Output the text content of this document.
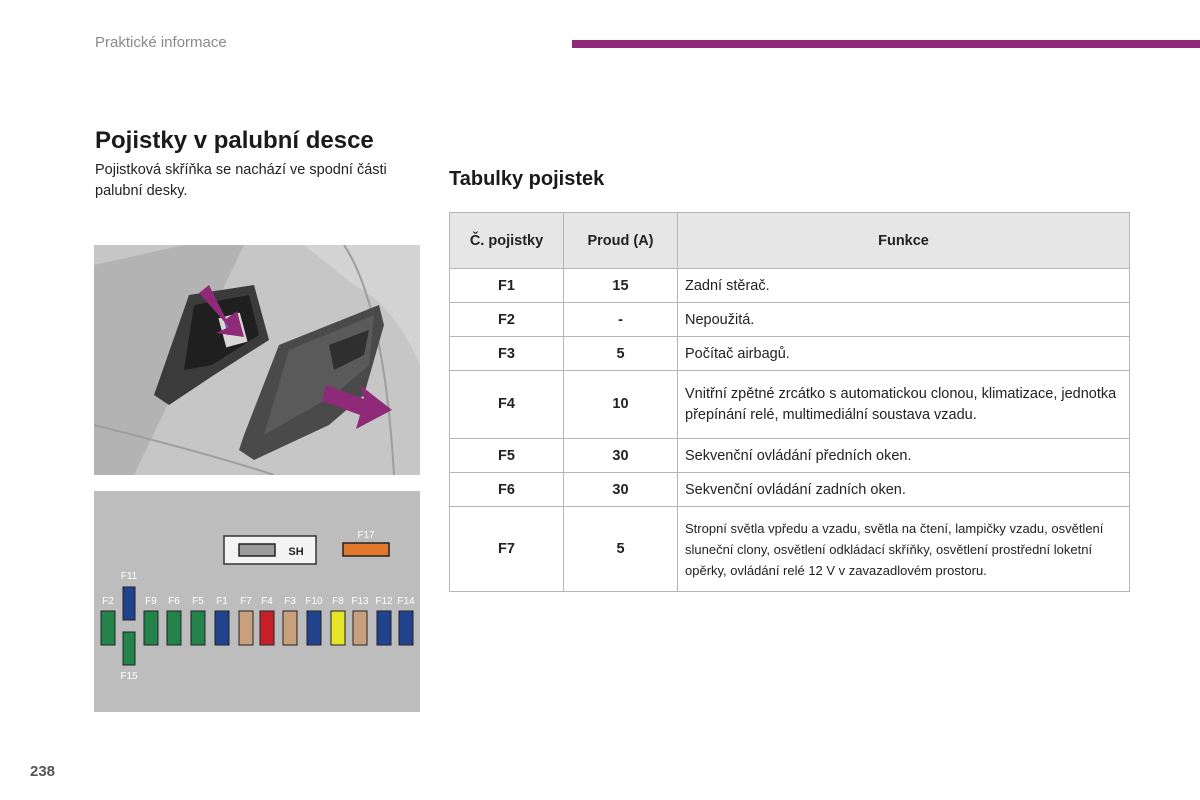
Praktické informace
Pojistky v palubní desce
Pojistková skříňka se nachází ve spodní části palubní desky.
SH
F17
F11
F15
F2	F9 F6 F5 F1 F7 F4 F3 F10 F8 F13 F12 F14
Tabulky pojistek
Č. pojistky	Proud (A)	Funkce
F1	15	Zadní stěrač.
F2	-	Nepoužitá.
F3	5	Počítač airbagů.
F4	10	Vnitřní zpětné zrcátko s automatickou clonou, klimatizace, jednotka přepínání relé, multimediální soustava vzadu.
F5	30	Sekvenční ovládání předních oken.
F6	30	Sekvenční ovládání zadních oken.
F7	5	Stropní světla vpředu a vzadu, světla na čtení, lampičky vzadu, osvětlení sluneční clony, osvětlení odkládací skříňky, osvětlení prostřední loketní opěrky, ovládání relé 12 V v zavazadlovém prostoru.
238
